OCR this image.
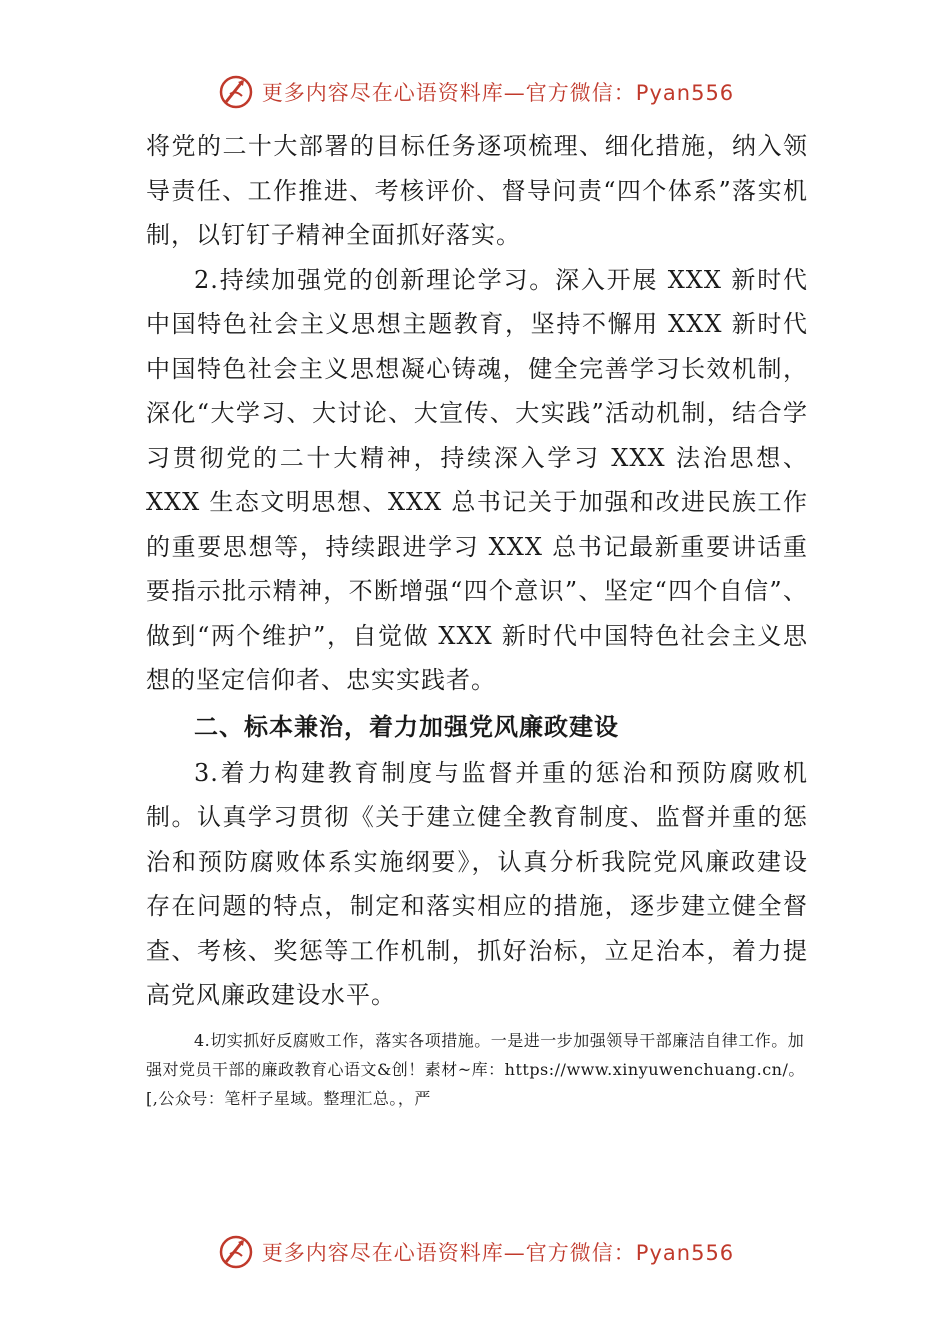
更多内容尽在心语资料库—官方微信：Pyan556

将党的二十大部署的目标任务逐项梳理、细化措施，纳入领导责任、工作推进、考核评价、督导问责“四个体系”落实机制，以钉钉子精神全面抓好落实。

2.持续加强党的创新理论学习。深入开展 XXX 新时代中国特色社会主义思想主题教育，坚持不懈用 XXX 新时代中国特色社会主义思想凝心铸魂，健全完善学习长效机制，深化“大学习、大讨论、大宣传、大实践”活动机制，结合学习贯彻党的二十大精神，持续深入学习 XXX 法治思想、XXX 生态文明思想、XXX 总书记关于加强和改进民族工作的重要思想等，持续跟进学习 XXX 总书记最新重要讲话重要指示批示精神，不断增强“四个意识”、坚定“四个自信”、做到“两个维护”，自觉做 XXX 新时代中国特色社会主义思想的坚定信仰者、忠实实践者。

二、标本兼治，着力加强党风廉政建设

3.着力构建教育制度与监督并重的惩治和预防腐败机制。认真学习贯彻《关于建立健全教育制度、监督并重的惩治和预防腐败体系实施纲要》，认真分析我院党风廉政建设存在问题的特点，制定和落实相应的措施，逐步建立健全督查、考核、奖惩等工作机制，抓好治标，立足治本，着力提高党风廉政建设水平。

4.切实抓好反腐败工作，落实各项措施。一是进一步加强领导干部廉洁自律工作。加强对党员干部的廉政教育心语文&创！素材~库：https://www.xinyuwenchuang.cn/。[,公众号：笔杆子星域。整理汇总。，严

更多内容尽在心语资料库—官方微信：Pyan556
